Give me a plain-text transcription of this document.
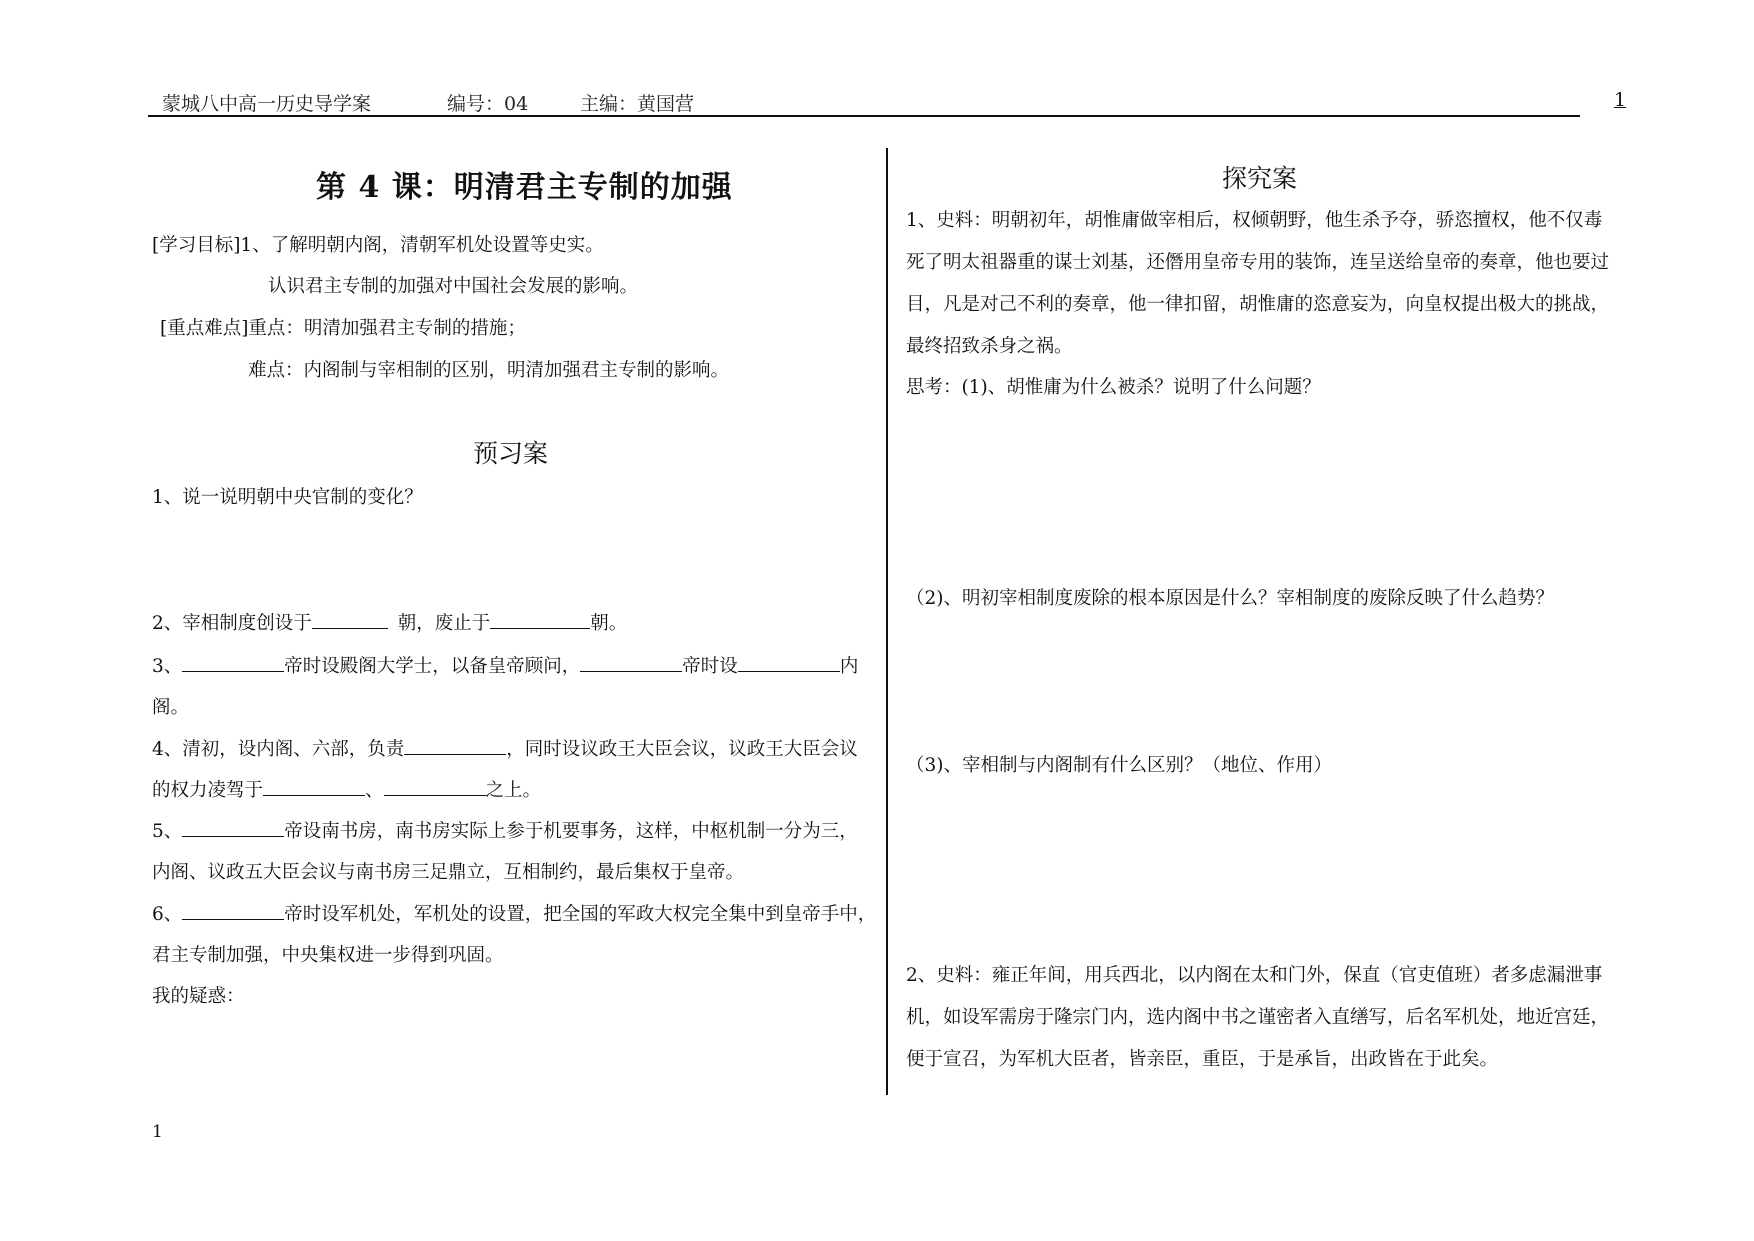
蒙城八中高一历史导学案	编号：04	主编：黄国营	1
第 4 课：明清君主专制的加强
[学习目标]1、了解明朝内阁，清朝军机处设置等史实。
认识君主专制的加强对中国社会发展的影响。
[重点难点]重点：明清加强君主专制的措施；
难点：内阁制与宰相制的区别，明清加强君主专制的影响。
预习案
1、说一说明朝中央官制的变化？
2、宰相制度创设于	朝，废止于	朝。
3、	帝时设殿阁大学士，以备皇帝顾问，	帝时设	内
阁。
4、清初，设内阁、六部，负责	，同时设议政王大臣会议，议政王大臣会议
的权力凌驾于	、	之上。
5、	帝设南书房，南书房实际上参于机要事务，这样，中枢机制一分为三，
内阁、议政五大臣会议与南书房三足鼎立，互相制约，最后集权于皇帝。
6、	帝时设军机处，军机处的设置，把全国的军政大权完全集中到皇帝手中，
君主专制加强，中央集权进一步得到巩固。
我的疑惑：
探究案
1、史料：明朝初年，胡惟庸做宰相后，权倾朝野，他生杀予夺，骄恣擅权，他不仅毒
死了明太祖器重的谋士刘基，还僭用皇帝专用的装饰，连呈送给皇帝的奏章，他也要过
目，凡是对己不利的奏章，他一律扣留，胡惟庸的恣意妄为，向皇权提出极大的挑战，
最终招致杀身之祸。
思考：(1)、胡惟庸为什么被杀？说明了什么问题？
（2)、明初宰相制度废除的根本原因是什么？宰相制度的废除反映了什么趋势？
（3)、宰相制与内阁制有什么区别？（地位、作用）
2、史料：雍正年间，用兵西北，以内阁在太和门外，保直（官吏值班）者多虑漏泄事
机，如设军需房于隆宗门内，选内阁中书之谨密者入直缮写，后名军机处，地近宫廷，
便于宣召，为军机大臣者，皆亲臣，重臣，于是承旨，出政皆在于此矣。
1
